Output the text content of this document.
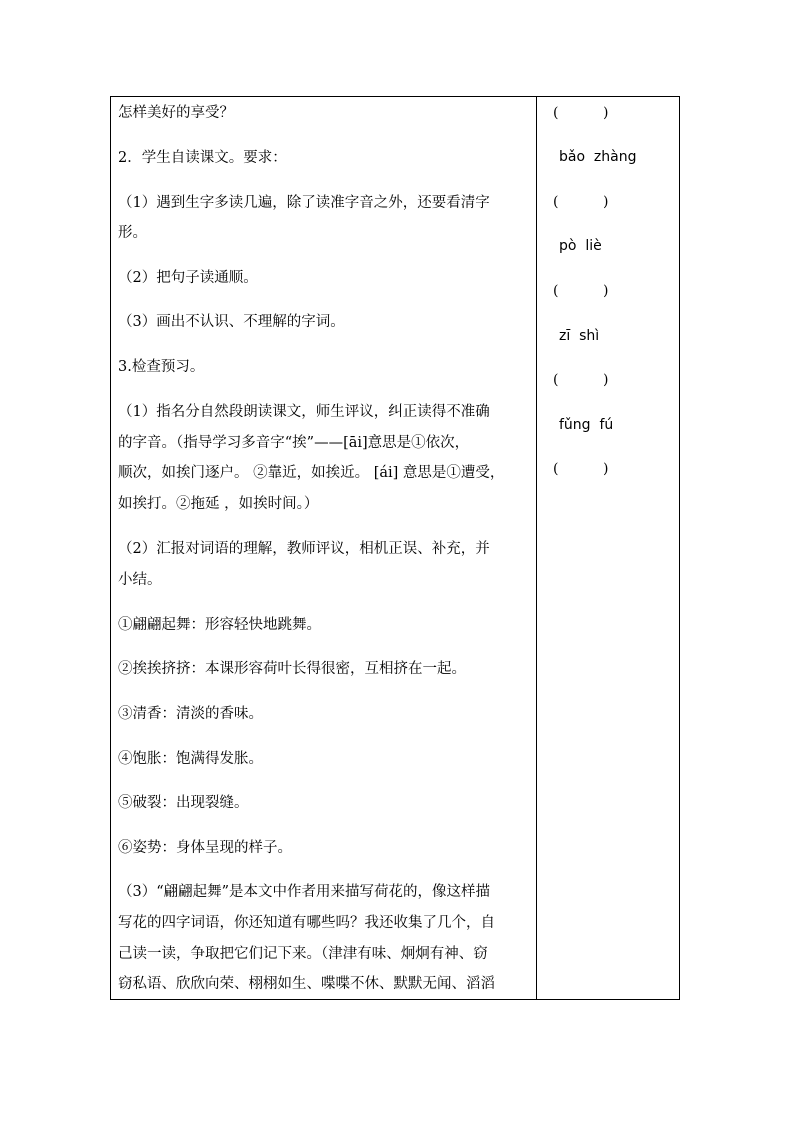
怎样美好的享受？

2．学生自读课文。要求：

（1）遇到生字多读几遍，除了读准字音之外，还要看清字

形。

（2）把句子读通顺。

（3）画出不认识、不理解的字词。

3.检查预习。

（1）指名分自然段朗读课文，师生评议，纠正读得不准确

的字音。（指导学习多音字“挨”——[āi]意思是①依次，

顺次，如挨门逐户。 ②靠近，如挨近。 [ái] 意思是①遭受，

如挨打。②拖延 ，如挨时间。）

（2）汇报对词语的理解，教师评议，相机正误、补充，并

小结。

①翩翩起舞：形容轻快地跳舞。

②挨挨挤挤：本课形容荷叶长得很密，互相挤在一起。

③清香：清淡的香味。

④饱胀：饱满得发胀。

⑤破裂：出现裂缝。

⑥姿势：身体呈现的样子。

（3）“翩翩起舞”是本文中作者用来描写荷花的，像这样描

写花的四字词语，你还知道有哪些吗？我还收集了几个，自

己读一读，争取把它们记下来。（津津有味、炯炯有神、窃

窃私语、欣欣向荣、栩栩如生、喋喋不休、默默无闻、滔滔

(          )
bǎo  zhàng
(          )
pò  liè
(          )
zī  shì
(          )
fǔng  fú
(          )
